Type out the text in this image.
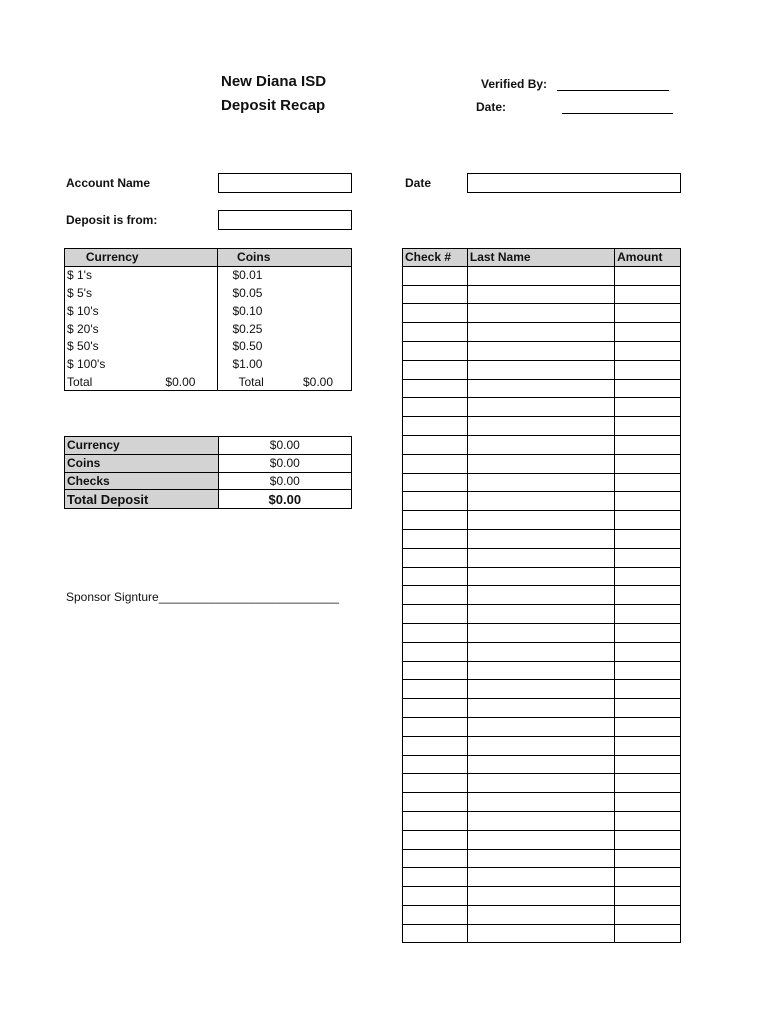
New Diana ISD
Deposit Recap
Verified By:
Date:
Account Name	Date
Deposit is from:
Currency	Coins
$ 1's	$0.01
$ 5's	$0.05
$ 10's	$0.10
$ 20's	$0.25
$ 50's	$0.50
$ 100's	$1.00
Total $0.00	Total $0.00
Currency	$0.00
Coins	$0.00
Checks	$0.00
Total Deposit	$0.00
Sponsor Signture___________________________
Check #	Last Name	Amount
